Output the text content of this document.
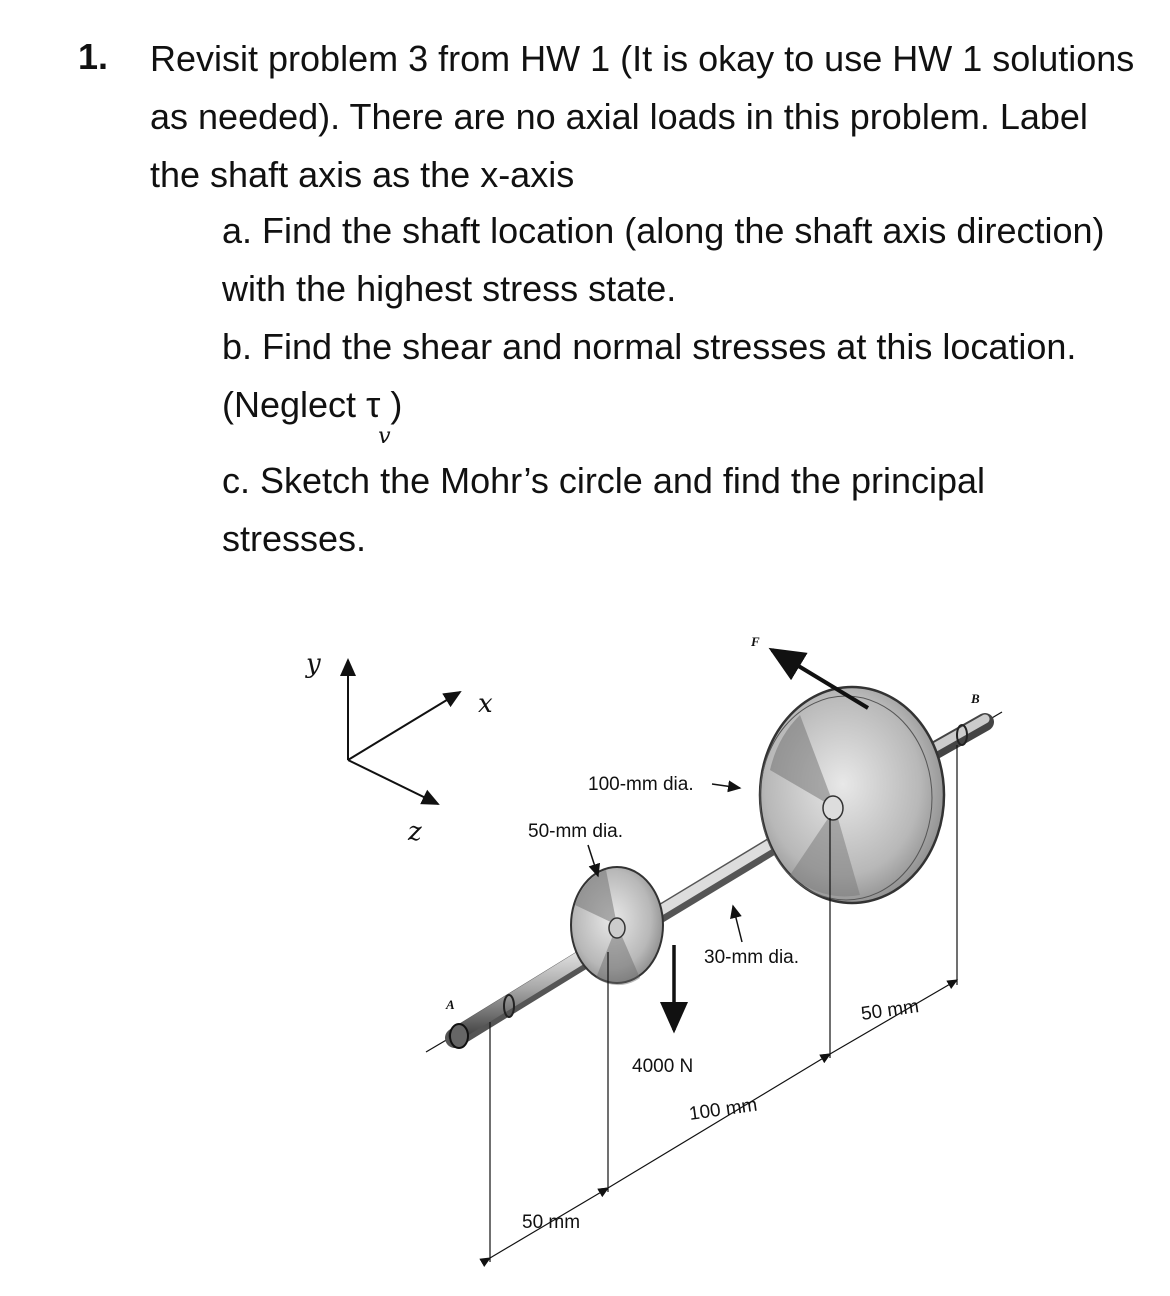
1. Revisit problem 3 from HW 1 (It is okay to use HW 1 solutions as needed). There are no axial loads in this problem. Label the shaft axis as the x-axis
a. Find the shaft location (along the shaft axis direction) with the highest stress state.
b. Find the shear and normal stresses at this location. (Neglect τ
v
)
c. Sketch the Mohr’s circle and find the principal stresses.
y
x
z
F
4000 N
100-mm dia.
50-mm dia.
30-mm dia.
A
B
50 mm
100 mm
50 mm
